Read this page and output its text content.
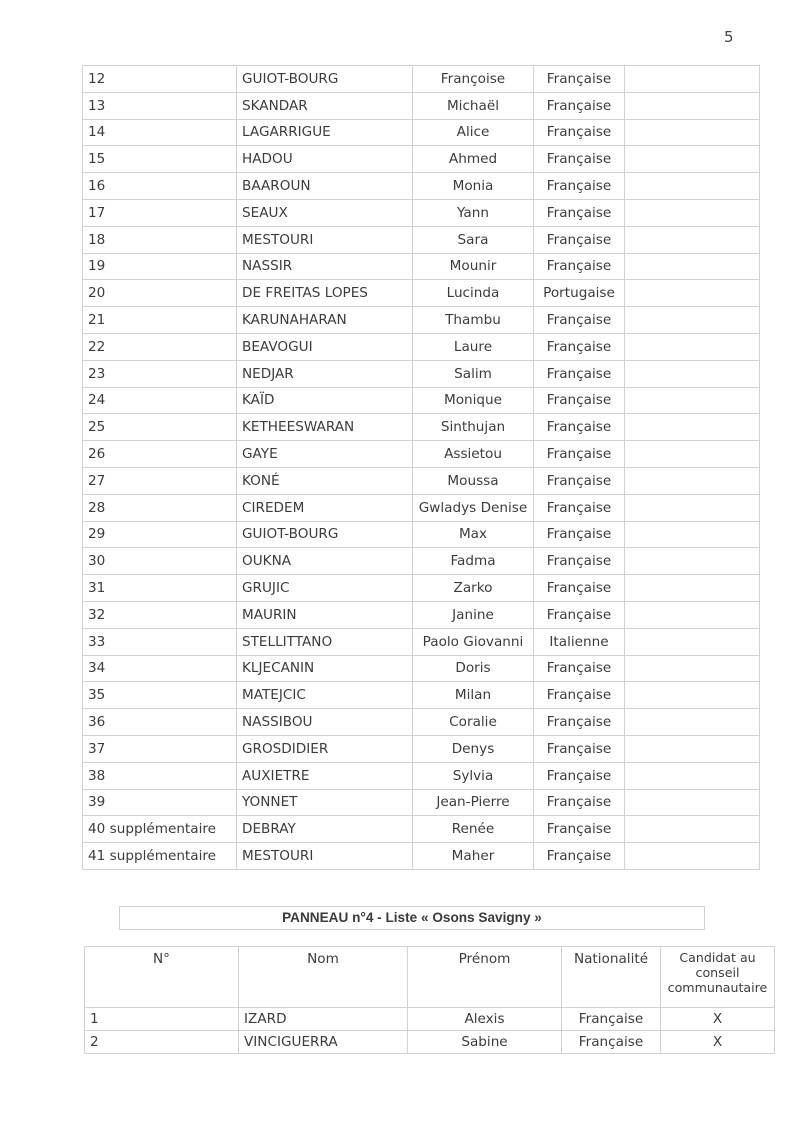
5
12	GUIOT-BOURG	Françoise	Française	
13	SKANDAR	Michaël	Française	
14	LAGARRIGUE	Alice	Française	
15	HADOU	Ahmed	Française	
16	BAAROUN	Monia	Française	
17	SEAUX	Yann	Française	
18	MESTOURI	Sara	Française	
19	NASSIR	Mounir	Française	
20	DE FREITAS LOPES	Lucinda	Portugaise	
21	KARUNAHARAN	Thambu	Française	
22	BEAVOGUI	Laure	Française	
23	NEDJAR	Salim	Française	
24	KAÏD	Monique	Française	
25	KETHEESWARAN	Sinthujan	Française	
26	GAYE	Assietou	Française	
27	KONÉ	Moussa	Française	
28	CIREDEM	Gwladys Denise	Française	
29	GUIOT-BOURG	Max	Française	
30	OUKNA	Fadma	Française	
31	GRUJIC	Zarko	Française	
32	MAURIN	Janine	Française	
33	STELLITTANO	Paolo Giovanni	Italienne	
34	KLJECANIN	Doris	Française	
35	MATEJCIC	Milan	Française	
36	NASSIBOU	Coralie	Française	
37	GROSDIDIER	Denys	Française	
38	AUXIETRE	Sylvia	Française	
39	YONNET	Jean-Pierre	Française	
40 supplémentaire	DEBRAY	Renée	Française	
41 supplémentaire	MESTOURI	Maher	Française	
PANNEAU n°4 - Liste « Osons Savigny »
N°	Nom	Prénom	Nationalité	Candidat au conseil communautaire
1	IZARD	Alexis	Française	X
2	VINCIGUERRA	Sabine	Française	X
